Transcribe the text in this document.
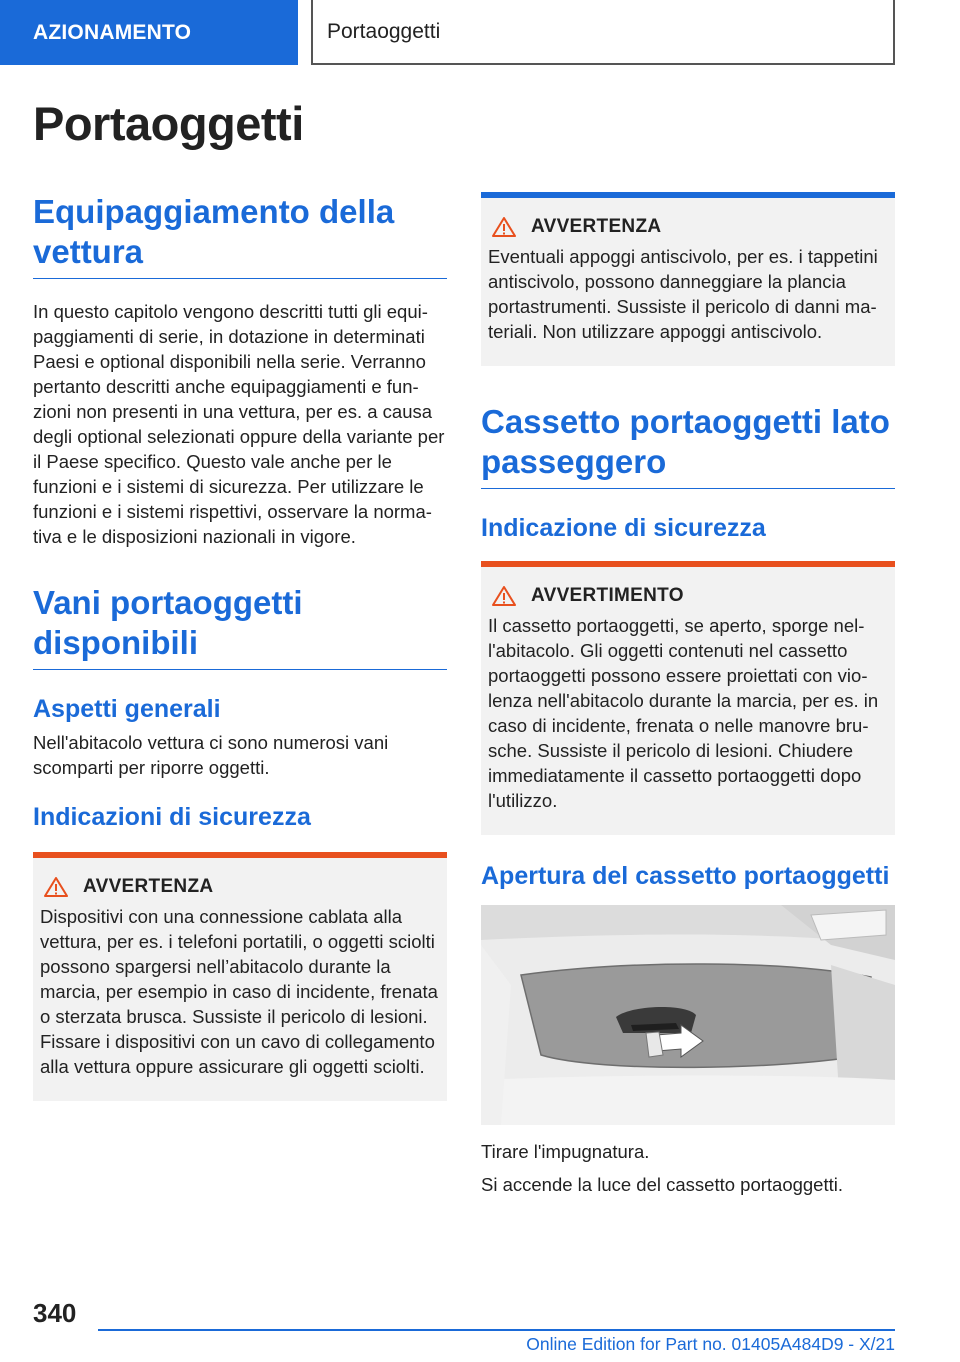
AZIONAMENTO	Portaoggetti
Portaoggetti
Equipaggiamento della vettura

In questo capitolo vengono descritti tutti gli equipaggiamenti di serie, in dotazione in determinati Paesi e optional disponibili nella serie. Verranno pertanto descritti anche equipaggiamenti e funzioni non presenti in una vettura, per es. a causa degli optional selezionati oppure della variante per il Paese specifico. Questo vale anche per le funzioni e i sistemi di sicurezza. Per utilizzare le funzioni e i sistemi rispettivi, osservare la normativa e le disposizioni nazionali in vigore.

Vani portaoggetti disponibili
Aspetti generali

Nell'abitacolo vettura ci sono numerosi vani scomparti per riporre oggetti.

Indicazioni di sicurezza
AVVERTENZA

Dispositivi con una connessione cablata alla vettura, per es. i telefoni portatili, o oggetti sciolti possono spargersi nell’abitacolo durante la marcia, per esempio in caso di incidente, frenata o sterzata brusca. Sussiste il pericolo di lesioni. Fissare i dispositivi con un cavo di collegamento alla vettura oppure assicurare gli oggetti sciolti.

AVVERTENZA

Eventuali appoggi antiscivolo, per es. i tappetini antiscivolo, possono danneggiare la plancia portastrumenti. Sussiste il pericolo di danni materiali. Non utilizzare appoggi antiscivolo.

Cassetto portaoggetti lato passeggero
Indicazione di sicurezza
AVVERTIMENTO

Il cassetto portaoggetti, se aperto, sporge nell'abitacolo. Gli oggetti contenuti nel cassetto portaoggetti possono essere proiettati con violenza nell'abitacolo durante la marcia, per es. in caso di incidente, frenata o nelle manovre brusche. Sussiste il pericolo di lesioni. Chiudere immediatamente il cassetto portaoggetti dopo l'utilizzo.

Apertura del cassetto portaoggetti

Tirare l'impugnatura.

Si accende la luce del cassetto portaoggetti.

340
Online Edition for Part no. 01405A484D9 - X/21
